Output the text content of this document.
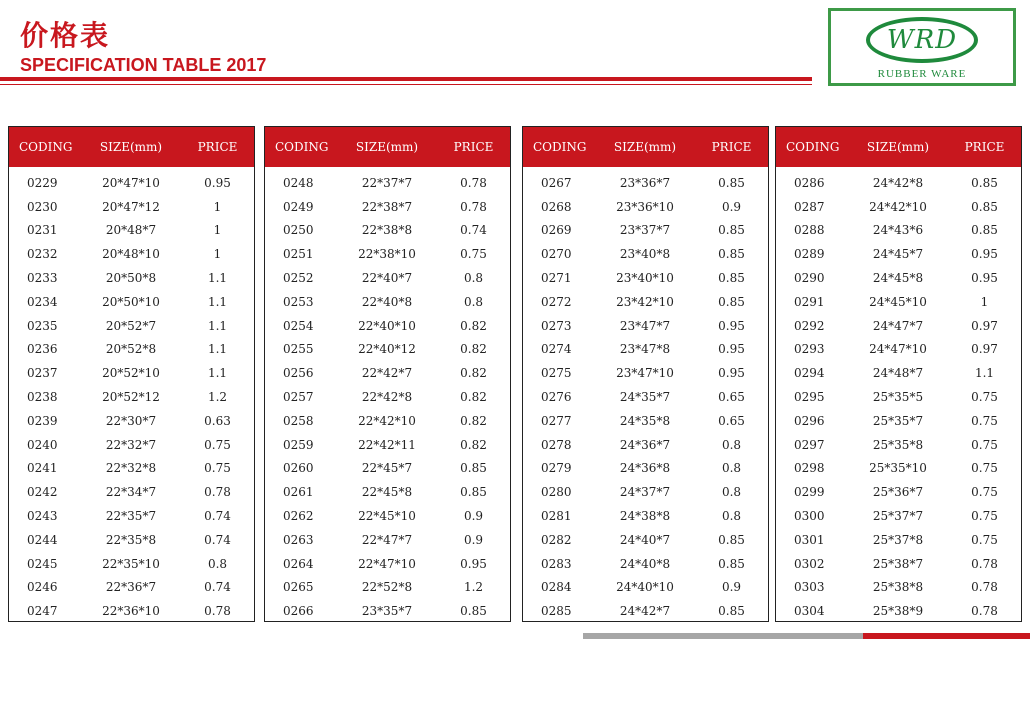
价格表
SPECIFICATION TABLE 2017
WRD
RUBBER WARE
CODING	SIZE(mm)	PRICE
0229	20*47*10	0.95
0230	20*47*12	1
0231	20*48*7	1
0232	20*48*10	1
0233	20*50*8	1.1
0234	20*50*10	1.1
0235	20*52*7	1.1
0236	20*52*8	1.1
0237	20*52*10	1.1
0238	20*52*12	1.2
0239	22*30*7	0.63
0240	22*32*7	0.75
0241	22*32*8	0.75
0242	22*34*7	0.78
0243	22*35*7	0.74
0244	22*35*8	0.74
0245	22*35*10	0.8
0246	22*36*7	0.74
0247	22*36*10	0.78
CODING	SIZE(mm)	PRICE
0248	22*37*7	0.78
0249	22*38*7	0.78
0250	22*38*8	0.74
0251	22*38*10	0.75
0252	22*40*7	0.8
0253	22*40*8	0.8
0254	22*40*10	0.82
0255	22*40*12	0.82
0256	22*42*7	0.82
0257	22*42*8	0.82
0258	22*42*10	0.82
0259	22*42*11	0.82
0260	22*45*7	0.85
0261	22*45*8	0.85
0262	22*45*10	0.9
0263	22*47*7	0.9
0264	22*47*10	0.95
0265	22*52*8	1.2
0266	23*35*7	0.85
CODING	SIZE(mm)	PRICE
0267	23*36*7	0.85
0268	23*36*10	0.9
0269	23*37*7	0.85
0270	23*40*8	0.85
0271	23*40*10	0.85
0272	23*42*10	0.85
0273	23*47*7	0.95
0274	23*47*8	0.95
0275	23*47*10	0.95
0276	24*35*7	0.65
0277	24*35*8	0.65
0278	24*36*7	0.8
0279	24*36*8	0.8
0280	24*37*7	0.8
0281	24*38*8	0.8
0282	24*40*7	0.85
0283	24*40*8	0.85
0284	24*40*10	0.9
0285	24*42*7	0.85
CODING	SIZE(mm)	PRICE
0286	24*42*8	0.85
0287	24*42*10	0.85
0288	24*43*6	0.85
0289	24*45*7	0.95
0290	24*45*8	0.95
0291	24*45*10	1
0292	24*47*7	0.97
0293	24*47*10	0.97
0294	24*48*7	1.1
0295	25*35*5	0.75
0296	25*35*7	0.75
0297	25*35*8	0.75
0298	25*35*10	0.75
0299	25*36*7	0.75
0300	25*37*7	0.75
0301	25*37*8	0.75
0302	25*38*7	0.78
0303	25*38*8	0.78
0304	25*38*9	0.78
